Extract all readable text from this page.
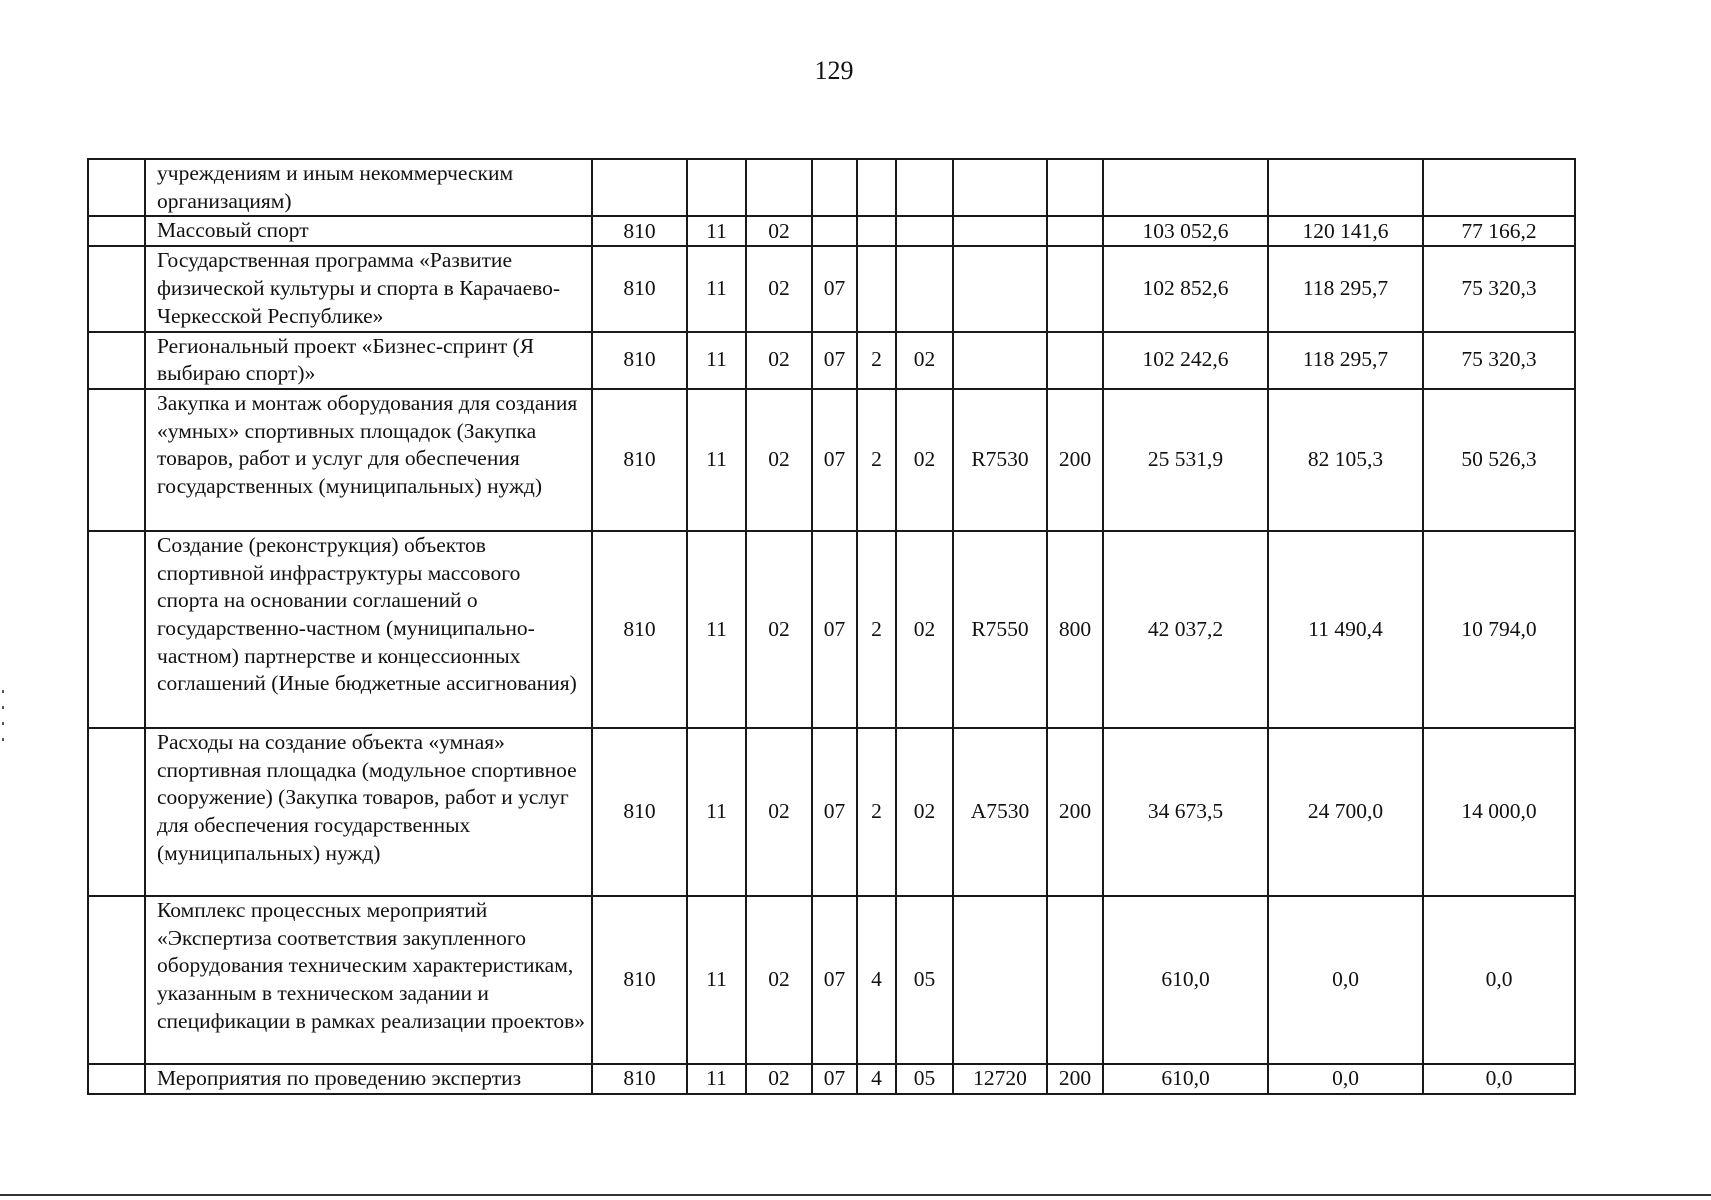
129
	учреждениям и иным некоммерческим организациям)											
	Массовый спорт	810	11	02						103 052,6	120 141,6	77 166,2
	Государственная программа «Развитие физической культуры и спорта в Карачаево-Черкесской Республике»	810	11	02	07					102 852,6	118 295,7	75 320,3
	Региональный проект «Бизнес-спринт (Я выбираю спорт)»	810	11	02	07	2	02			102 242,6	118 295,7	75 320,3
	Закупка и монтаж оборудования для создания «умных» спортивных площадок (Закупка товаров, работ и услуг для обеспечения государственных (муниципальных) нужд)	810	11	02	07	2	02	R7530	200	25 531,9	82 105,3	50 526,3
	Создание (реконструкция) объектов спортивной инфраструктуры массового спорта на основании соглашений о государственно-частном (муниципально-частном) партнерстве и концессионных соглашений (Иные бюджетные ассигнования)	810	11	02	07	2	02	R7550	800	42 037,2	11 490,4	10 794,0
	Расходы на создание объекта «умная» спортивная площадка (модульное спортивное сооружение) (Закупка товаров, работ и услуг для обеспечения государственных (муниципальных) нужд)	810	11	02	07	2	02	A7530	200	34 673,5	24 700,0	14 000,0
	Комплекс процессных мероприятий «Экспертиза соответствия закупленного оборудования техническим характеристикам, указанным в техническом задании и спецификации в рамках реализации проектов»	810	11	02	07	4	05			610,0	0,0	0,0
	Мероприятия по проведению экспертиз	810	11	02	07	4	05	12720	200	610,0	0,0	0,0
